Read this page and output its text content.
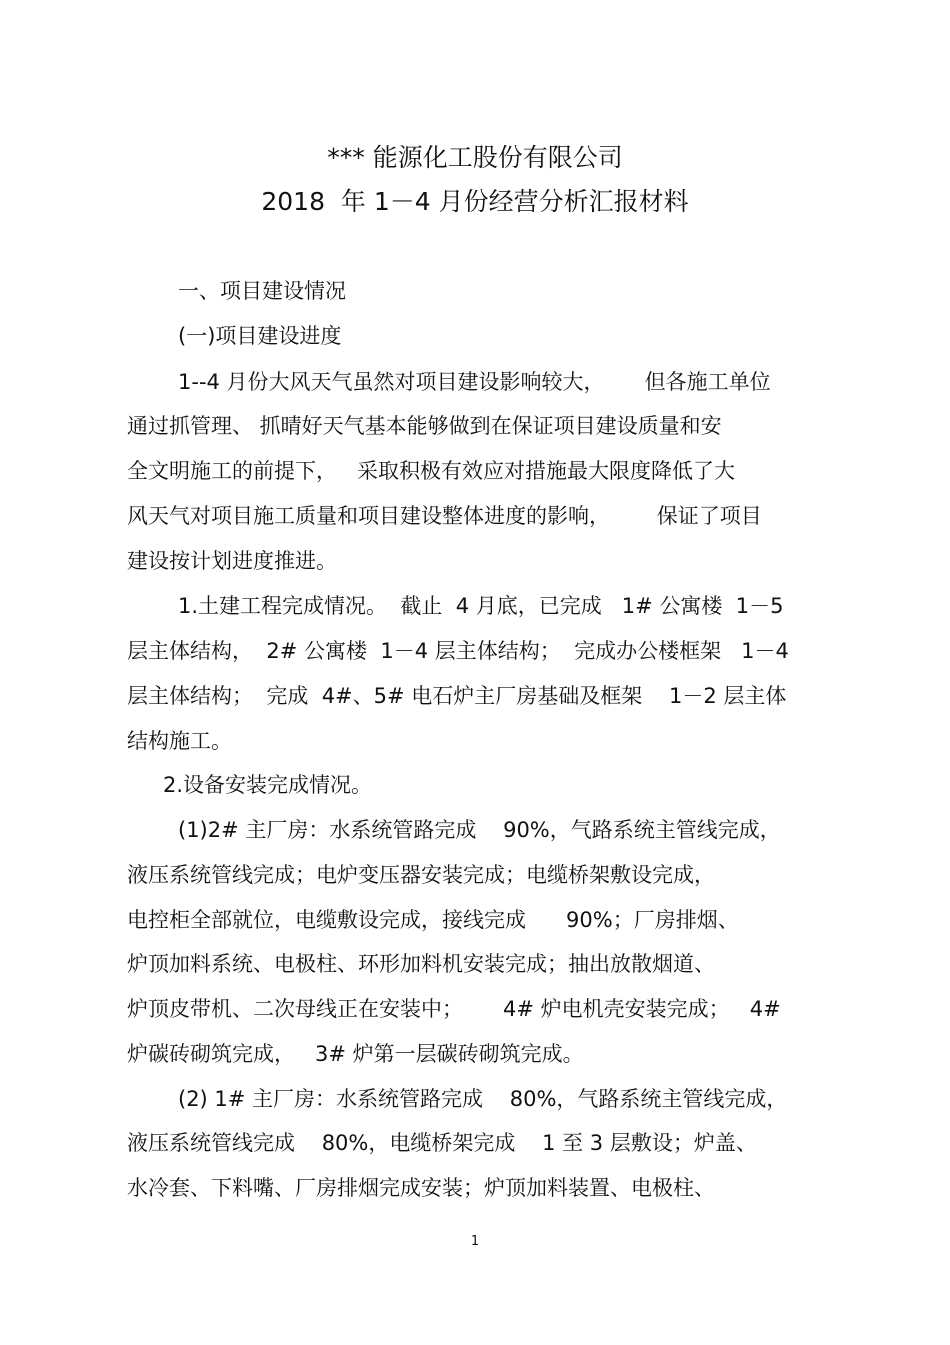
*** 能源化工股份有限公司
2018  年 1－4 月份经营分析汇报材料
一、项目建设情况
(一)项目建设进度
1--4 月份大风天气虽然对项目建设影响较大，      但各施工单位
通过抓管理、 抓晴好天气基本能够做到在保证项目建设质量和安
全文明施工的前提下，   采取积极有效应对措施最大限度降低了大
风天气对项目施工质量和项目建设整体进度的影响，       保证了项目
建设按计划进度推进。
1.土建工程完成情况。  截止  4 月底，已完成   1# 公寓楼  1－5
层主体结构，  2# 公寓楼  1－4 层主体结构；  完成办公楼框架   1－4
层主体结构；  完成  4#、5# 电石炉主厂房基础及框架    1－2 层主体
结构施工。
2.设备安装完成情况。
(1)2# 主厂房：水系统管路完成    90%，气路系统主管线完成，
液压系统管线完成；电炉变压器安装完成；电缆桥架敷设完成，
电控柜全部就位，电缆敷设完成，接线完成      90%；厂房排烟、
炉顶加料系统、电极柱、环形加料机安装完成；抽出放散烟道、
炉顶皮带机、二次母线正在安装中；      4# 炉电机壳安装完成；   4#
炉碳砖砌筑完成，   3# 炉第一层碳砖砌筑完成。
(2) 1# 主厂房：水系统管路完成    80%，气路系统主管线完成，
液压系统管线完成    80%，电缆桥架完成    1 至 3 层敷设；炉盖、
水冷套、下料嘴、厂房排烟完成安装；炉顶加料装置、电极柱、
1
